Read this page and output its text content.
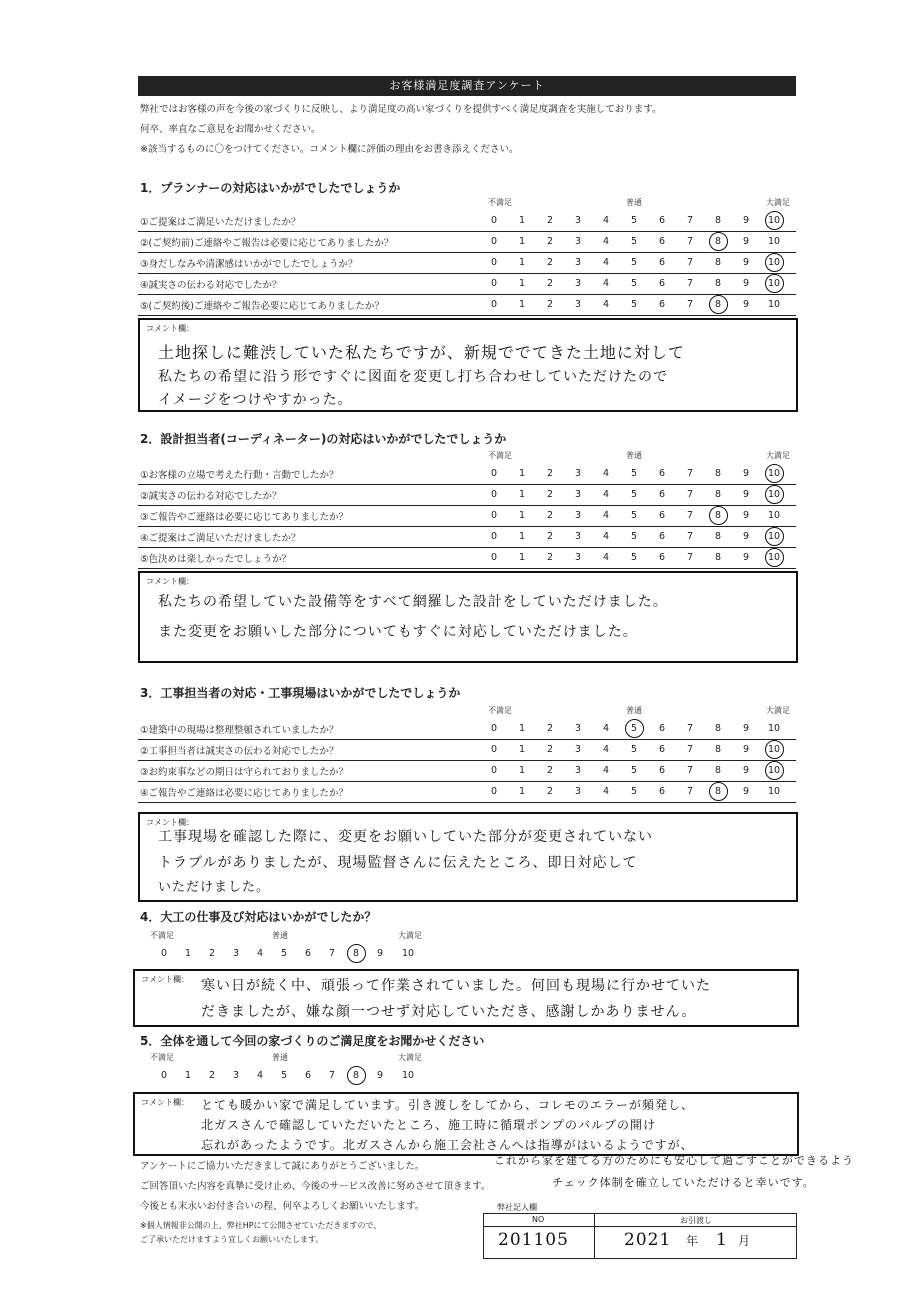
お客様満足度調査アンケート
弊社ではお客様の声を今後の家づくりに反映し、より満足度の高い家づくりを提供すべく満足度調査を実施しております。
何卒、率直なご意見をお聞かせください。
※該当するものに〇をつけてください。コメント欄に評価の理由をお書き添えください。
1．プランナーの対応はいかがでしたでしょうか
不満足	普通	大満足
①ご提案はご満足いただけましたか？	0	1	2	3	4	5	6	7	8	9	10
②(ご契約前)ご連絡やご報告は必要に応じてありましたか？	0	1	2	3	4	5	6	7	8	9	10
③身だしなみや清潔感はいかがでしたでしょうか？	0	1	2	3	4	5	6	7	8	9	10
④誠実さの伝わる対応でしたか？	0	1	2	3	4	5	6	7	8	9	10
⑤(ご契約後)ご連絡やご報告必要に応じてありましたか？	0	1	2	3	4	5	6	7	8	9	10
コメント欄：
土地探しに難渋していた私たちですが、新規ででてきた土地に対して
私たちの希望に沿う形ですぐに図面を変更し打ち合わせしていただけたので
イメージをつけやすかった。
2．設計担当者(コーディネーター)の対応はいかがでしたでしょうか
不満足	普通	大満足
①お客様の立場で考えた行動・言動でしたか？	0	1	2	3	4	5	6	7	8	9	10
②誠実さの伝わる対応でしたか？	0	1	2	3	4	5	6	7	8	9	10
③ご報告やご連絡は必要に応じてありましたか？	0	1	2	3	4	5	6	7	8	9	10
④ご提案はご満足いただけましたか？	0	1	2	3	4	5	6	7	8	9	10
⑤色決めは楽しかったでしょうか？	0	1	2	3	4	5	6	7	8	9	10
コメント欄：
私たちの希望していた設備等をすべて網羅した設計をしていただけました。
また変更をお願いした部分についてもすぐに対応していただけました。
3．工事担当者の対応・工事現場はいかがでしたでしょうか
不満足	普通	大満足
①建築中の現場は整理整頓されていましたか？	0	1	2	3	4	5	6	7	8	9	10
②工事担当者は誠実さの伝わる対応でしたか？	0	1	2	3	4	5	6	7	8	9	10
③お約束事などの期日は守られておりましたか？	0	1	2	3	4	5	6	7	8	9	10
④ご報告やご連絡は必要に応じてありましたか？	0	1	2	3	4	5	6	7	8	9	10
コメント欄：
工事現場を確認した際に、変更をお願いしていた部分が変更されていない
トラブルがありましたが、現場監督さんに伝えたところ、即日対応して
いただけました。
4．大工の仕事及び対応はいかがでしたか？
不満足	普通	大満足
0	1	2	3	4	5	6	7	8	9	10
コメント欄： 寒い日が続く中、頑張って作業されていました。何回も現場に行かせていた
だきましたが、嫌な顔一つせず対応していただき、感謝しかありません。
5．全体を通して今回の家づくりのご満足度をお聞かせください
不満足	普通	大満足
0	1	2	3	4	5	6	7	8	9	10
コメント欄： とても暖かい家で満足しています。引き渡しをしてから、コレモのエラーが頻発し、
北ガスさんで確認していただいたところ、施工時に循環ポンプのバルブの開け
忘れがあったようです。北ガスさんから施工会社さんへは指導がはいるようですが、
これから家を建てる方のためにも安心して過ごすことができるよう
チェック体制を確立していただけると幸いです。
アンケートにご協力いただきまして誠にありがとうございました。
ご回答頂いた内容を真摯に受け止め、今後のサービス改善に努めさせて頂きます。
今後とも末永いお付き合いの程、何卒よろしくお願いいたします。
※個人情報非公開の上、弊社HPにて公開させていただきますので、
ご了承いただけますよう宜しくお願いいたします。
弊社記入欄
NO	お引渡し
201105	2021 年 1 月
